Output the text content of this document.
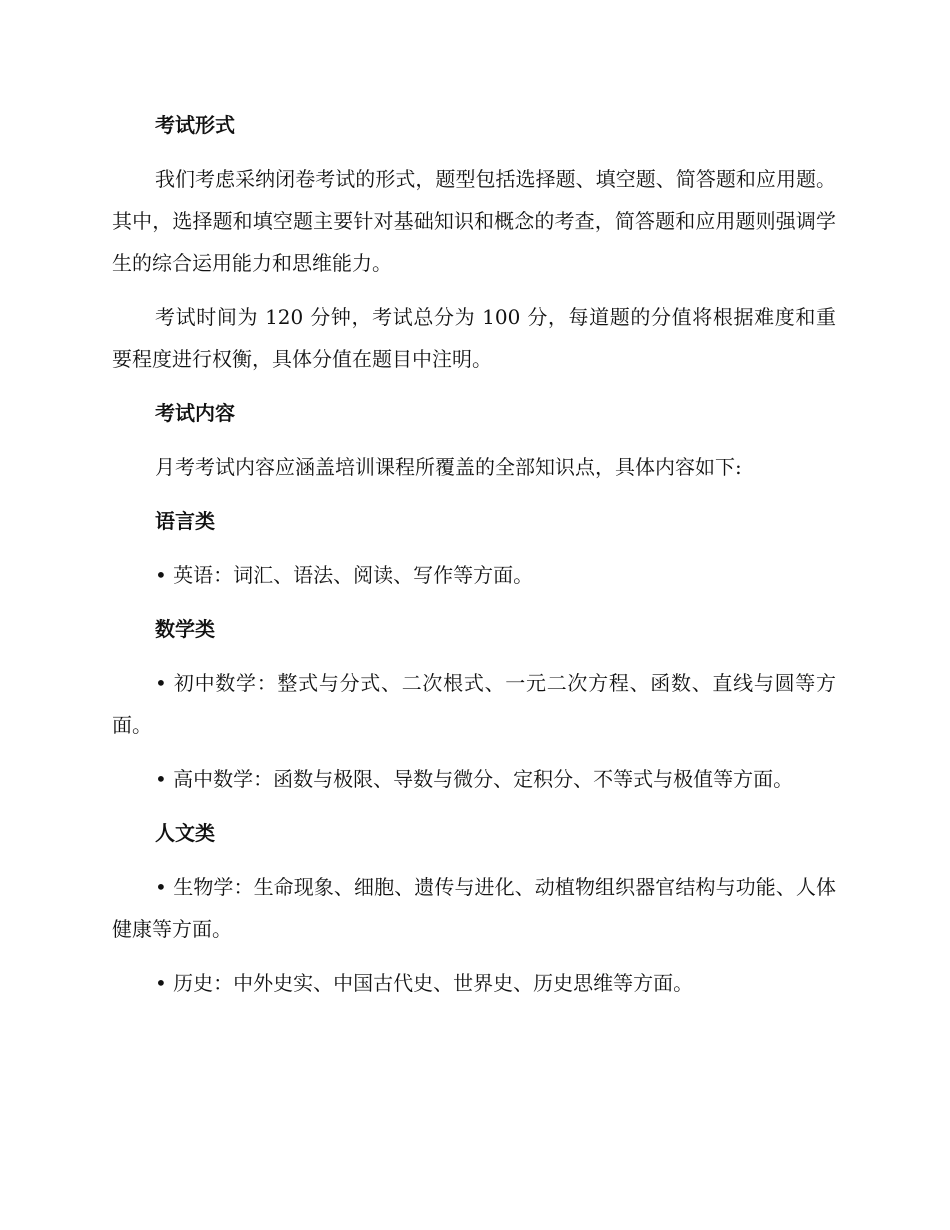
考试形式

我们考虑采纳闭卷考试的形式，题型包括选择题、填空题、简答题和应用题。其中，选择题和填空题主要针对基础知识和概念的考查，简答题和应用题则强调学生的综合运用能力和思维能力。

考试时间为 120 分钟，考试总分为 100 分，每道题的分值将根据难度和重要程度进行权衡，具体分值在题目中注明。

考试内容

月考考试内容应涵盖培训课程所覆盖的全部知识点，具体内容如下:

语言类

• 英语：词汇、语法、阅读、写作等方面。

数学类

• 初中数学：整式与分式、二次根式、一元二次方程、函数、直线与圆等方面。

• 高中数学：函数与极限、导数与微分、定积分、不等式与极值等方面。

人文类

• 生物学：生命现象、细胞、遗传与进化、动植物组织器官结构与功能、人体健康等方面。

• 历史：中外史实、中国古代史、世界史、历史思维等方面。
